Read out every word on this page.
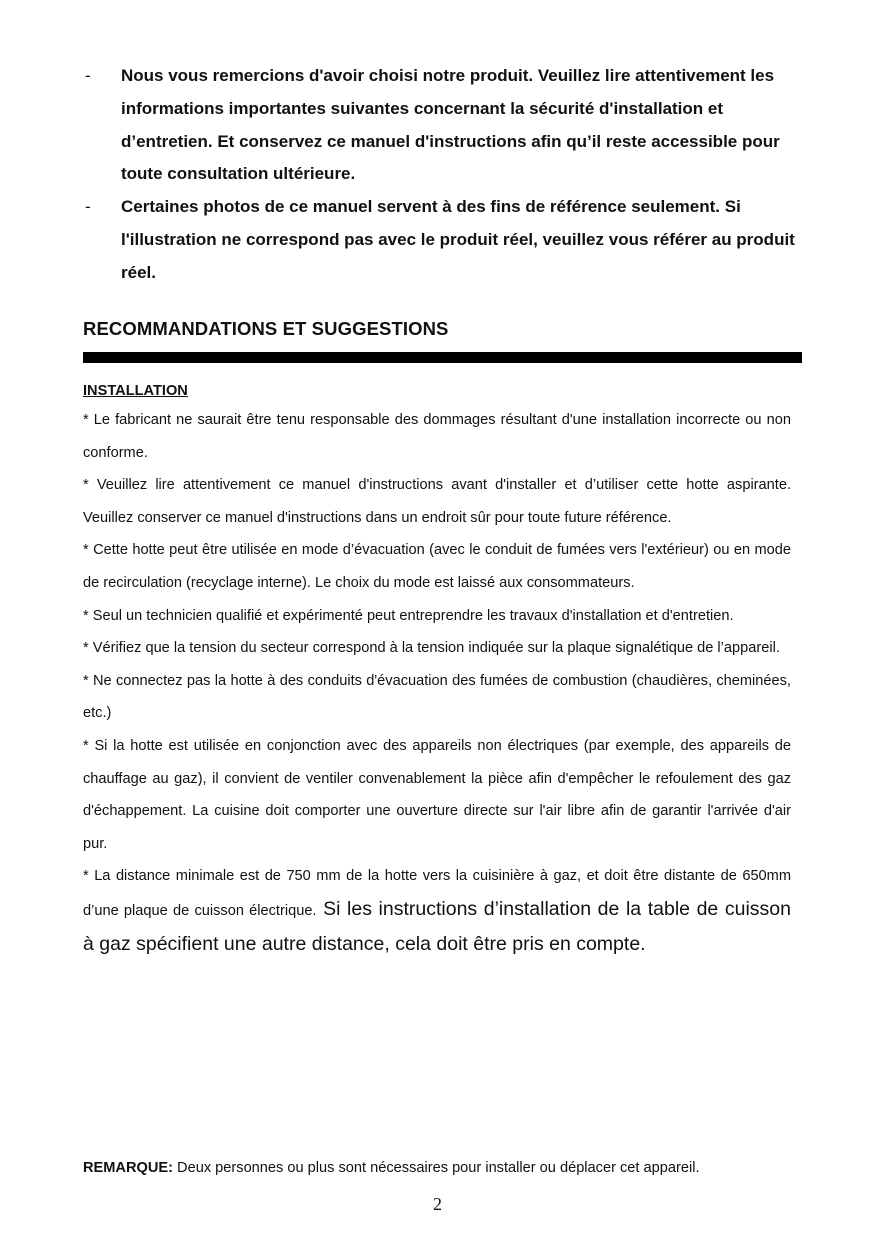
- Nous vous remercions d'avoir choisi notre produit. Veuillez lire attentivement les informations importantes suivantes concernant la sécurité d'installation et d’entretien. Et conservez ce manuel d'instructions afin qu’il reste accessible pour toute consultation ultérieure.
- Certaines photos de ce manuel servent à des fins de référence seulement. Si l'illustration ne correspond pas avec le produit réel, veuillez vous référer au produit réel.
RECOMMANDATIONS ET SUGGESTIONS
INSTALLATION

* Le fabricant ne saurait être tenu responsable des dommages résultant d'une installation incorrecte ou non conforme.

* Veuillez lire attentivement ce manuel d'instructions avant d'installer et d’utiliser cette hotte aspirante. Veuillez conserver ce manuel d'instructions dans un endroit sûr pour toute future référence.

* Cette hotte peut être utilisée en mode d’évacuation (avec le conduit de fumées vers l'extérieur) ou en mode de recirculation (recyclage interne). Le choix du mode est laissé aux consommateurs.

* Seul un technicien qualifié et expérimenté peut entreprendre les travaux d'installation et d'entretien.

* Vérifiez que la tension du secteur correspond à la tension indiquée sur la plaque signalétique de l’appareil.

* Ne connectez pas la hotte à des conduits d'évacuation des fumées de combustion (chaudières, cheminées, etc.)

* Si la hotte est utilisée en conjonction avec des appareils non électriques (par exemple, des appareils de chauffage au gaz), il convient de ventiler convenablement la pièce afin d'empêcher le refoulement des gaz d'échappement. La cuisine doit comporter une ouverture directe sur l'air libre afin de garantir l'arrivée d'air pur.

* La distance minimale est de 750 mm de la hotte vers la cuisinière à gaz, et doit être distante de 650mm d’une plaque de cuisson électrique. Si les instructions d’installation de la table de cuisson à gaz spécifient une autre distance, cela doit être pris en compte.

REMARQUE: Deux personnes ou plus sont nécessaires pour installer ou déplacer cet appareil.

2
